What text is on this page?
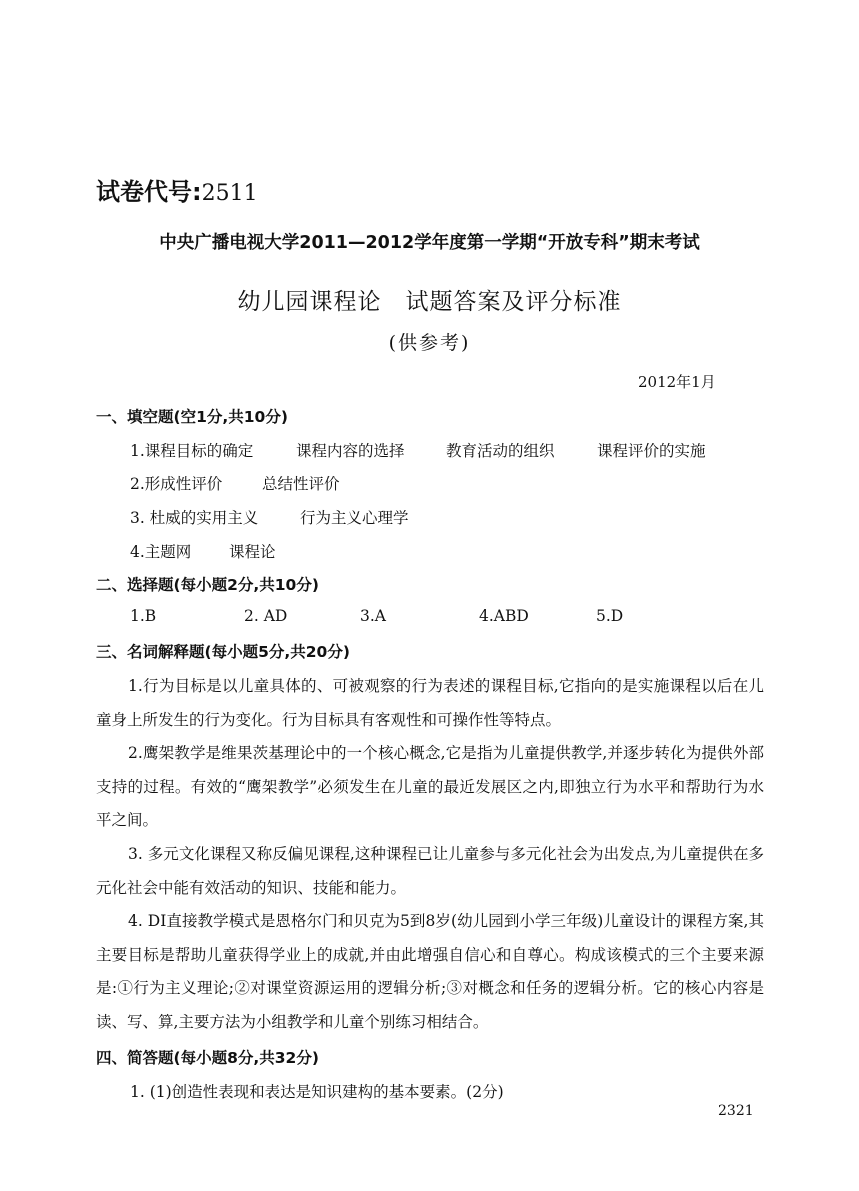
试卷代号:2511
中央广播电视大学2011—2012学年度第一学期“开放专科”期末考试
幼儿园课程论　试题答案及评分标准
(供参考)
2012年1月
一、填空题(空1分,共10分)
1.课程目标的确定	课程内容的选择	教育活动的组织	课程评价的实施
2.形成性评价	总结性评价
3. 杜威的实用主义	行为主义心理学
4.主题网 课程论
二、选择题(每小题2分,共10分)
1.B	2. AD	3.A	4.ABD	5.D
三、名词解释题(每小题5分,共20分)
1.行为目标是以儿童具体的、可被观察的行为表述的课程目标,它指向的是实施课程以后在儿童身上所发生的行为变化。行为目标具有客观性和可操作性等特点。
2.鹰架教学是维果茨基理论中的一个核心概念,它是指为儿童提供教学,并逐步转化为提供外部支持的过程。有效的“鹰架教学”必须发生在儿童的最近发展区之内,即独立行为水平和帮助行为水平之间。
3. 多元文化课程又称反偏见课程,这种课程已让儿童参与多元化社会为出发点,为儿童提供在多元化社会中能有效活动的知识、技能和能力。
4. DI直接教学模式是恩格尔门和贝克为5到8岁(幼儿园到小学三年级)儿童设计的课程方案,其主要目标是帮助儿童获得学业上的成就,并由此增强自信心和自尊心。构成该模式的三个主要来源是:①行为主义理论;②对课堂资源运用的逻辑分析;③对概念和任务的逻辑分析。它的核心内容是读、写、算,主要方法为小组教学和儿童个别练习相结合。
四、简答题(每小题8分,共32分)
1. (1)创造性表现和表达是知识建构的基本要素。(2分)
2321
